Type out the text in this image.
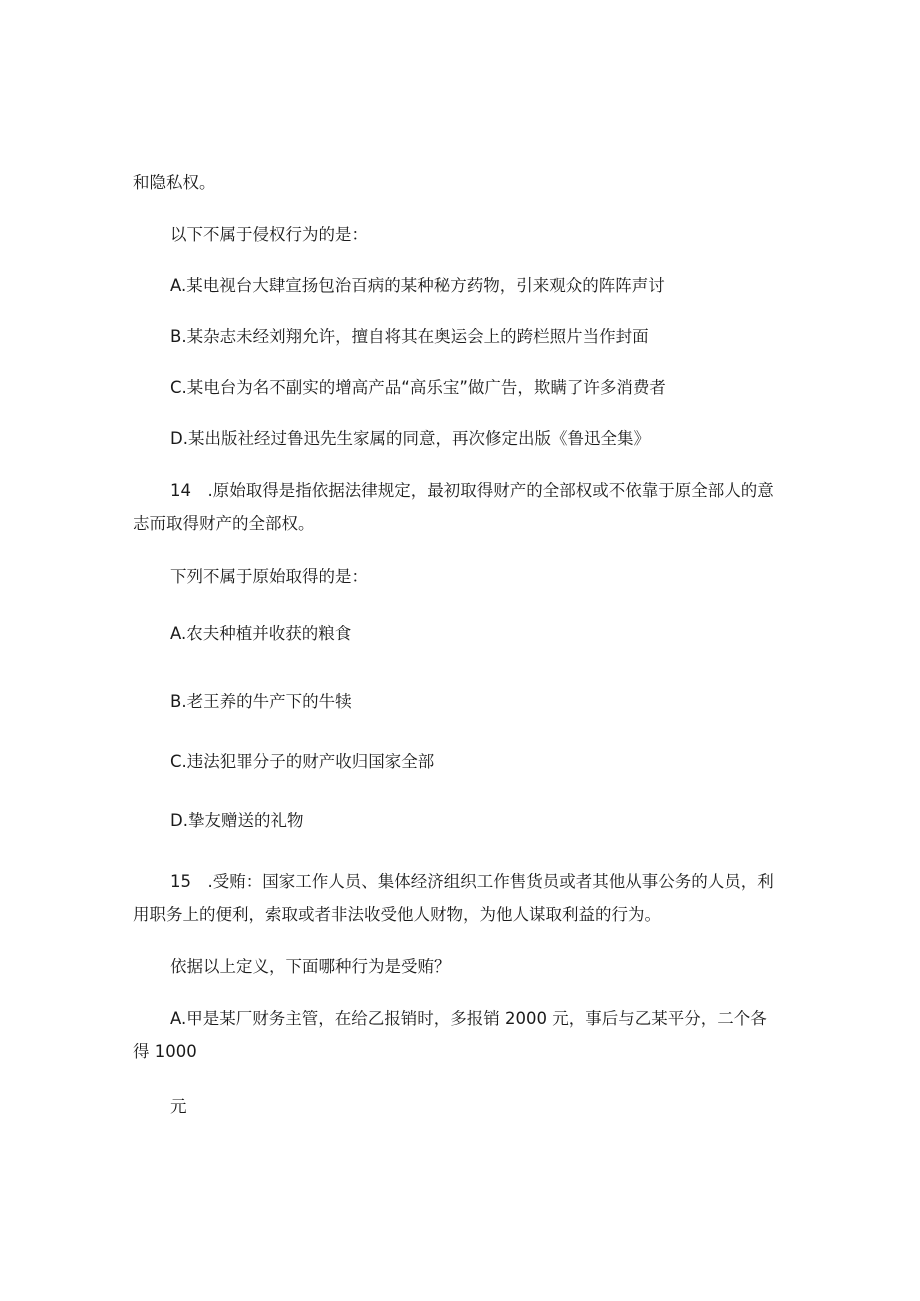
和隐私权。
以下不属于侵权行为的是：
A.某电视台大肆宣扬包治百病的某种秘方药物，引来观众的阵阵声讨
B.某杂志未经刘翔允许，擅自将其在奥运会上的跨栏照片当作封面
C.某电台为名不副实的增高产品“高乐宝”做广告，欺瞒了许多消费者
D.某出版社经过鲁迅先生家属的同意，再次修定出版《鲁迅全集》
14　.原始取得是指依据法律规定，最初取得财产的全部权或不依靠于原全部人的意
志而取得财产的全部权。
下列不属于原始取得的是：
A.农夫种植并收获的粮食
B.老王养的牛产下的牛犊
C.违法犯罪分子的财产收归国家全部
D.挚友赠送的礼物
15　.受贿：国家工作人员、集体经济组织工作售货员或者其他从事公务的人员，利
用职务上的便利，索取或者非法收受他人财物，为他人谋取利益的行为。
依据以上定义，下面哪种行为是受贿？
A.甲是某厂财务主管，在给乙报销时，多报销 2000 元，事后与乙某平分，二个各
得 1000
元
